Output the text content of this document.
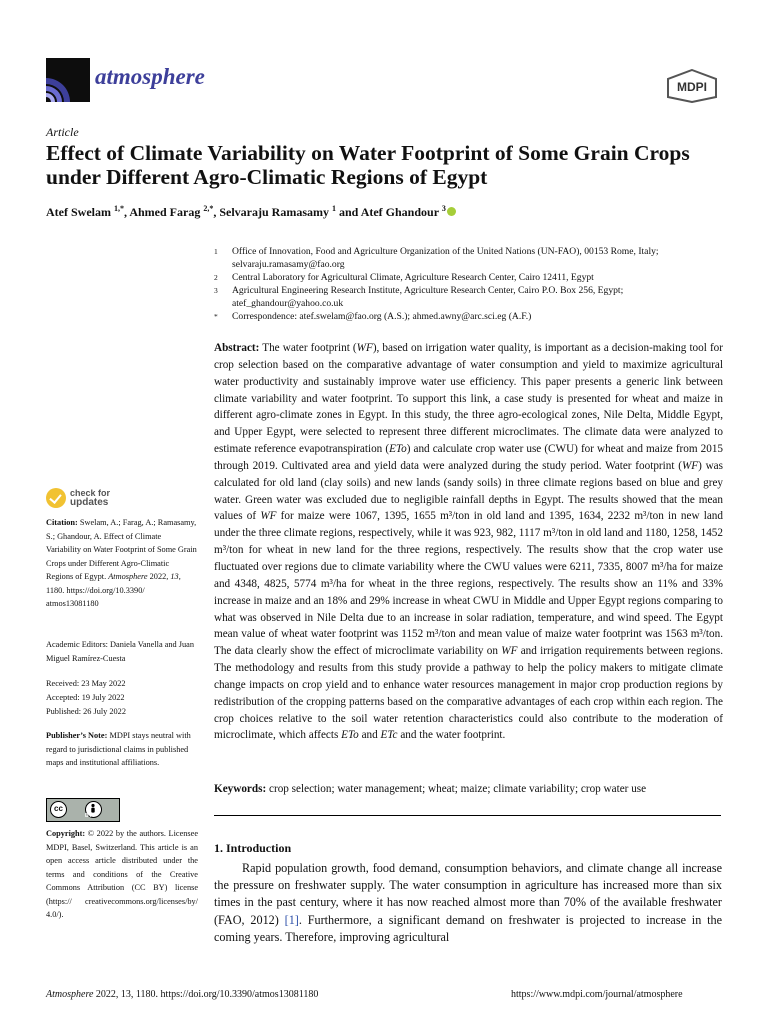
atmosphere	MDPI
Article
Effect of Climate Variability on Water Footprint of Some Grain Crops under Different Agro-Climatic Regions of Egypt
Atef Swelam $^{1,*}$, Ahmed Farag $^{2,*}$, Selvaraju Ramasamy $^1$ and Atef Ghandour $^3$
1 Office of Innovation, Food and Agriculture Organization of the United Nations (UN-FAO), 00153 Rome, Italy; selvaraju.ramasamy@fao.org
2 Central Laboratory for Agricultural Climate, Agriculture Research Center, Cairo 12411, Egypt
3 Agricultural Engineering Research Institute, Agriculture Research Center, Cairo P.O. Box 256, Egypt; atef_ghandour@yahoo.co.uk
* Correspondence: atef.swelam@fao.org (A.S.); ahmed.awny@arc.sci.eg (A.F.)
Abstract: The water footprint (WF), based on irrigation water quality, is important as a decision-making tool for crop selection based on the comparative advantage of water consumption and yield to maximize agricultural water productivity and sustainably improve water use efficiency. This paper presents a generic link between climate variability and water footprint. To support this link, a case study is presented for wheat and maize in different agro-climate zones in Egypt. In this study, the three agro-ecological zones, Nile Delta, Middle Egypt, and Upper Egypt, were selected to represent three different microclimates. The climate data were analyzed to estimate reference evapotranspiration (ETo) and calculate crop water use (CWU) for wheat and maize from 2015 through 2019. Cultivated area and yield data were analyzed during the study period. Water footprint (WF) was calculated for old land (clay soils) and new lands (sandy soils) in three climate regions based on blue and grey water. Green water was excluded due to negligible rainfall depths in Egypt. The results showed that the mean values of WF for maize were 1067, 1395, 1655 m³/ton in old land and 1395, 1634, 2232 m³/ton in new land under the three climate regions, respectively, while it was 923, 982, 1117 m³/ton in old land and 1180, 1258, 1452 m³/ton for wheat in new land for the three regions, respectively. The results show that the crop water use fluctuated over regions due to climate variability where the CWU values were 6211, 7335, 8007 m³/ha for maize and 4348, 4825, 5774 m³/ha for wheat in the three regions, respectively. The results show an 11% and 33% increase in maize and an 18% and 29% increase in wheat CWU in Middle and Upper Egypt regions comparing to what was observed in Nile Delta due to an increase in solar radiation, temperature, and wind speed. The Egypt mean value of wheat water footprint was 1152 m³/ton and mean value of maize water footprint was 1563 m³/ton. The data clearly show the effect of microclimate variability on WF and irrigation requirements between regions. The methodology and results from this study provide a pathway to help the policy makers to mitigate climate change impacts on crop yield and to enhance water resources management in major crop production regions by redistribution of the cropping patterns based on the comparative advantages of each crop within each region. The crop choices relative to the soil water retention characteristics could also contribute to the moderation of microclimate, which affects ETo and ETc and the water footprint.
Keywords: crop selection; water management; wheat; maize; climate variability; crop water use
1. Introduction
Rapid population growth, food demand, consumption behaviors, and climate change all increase the pressure on freshwater supply. The water consumption in agriculture has increased more than six times in the past century, where it has now reached almost more than 70% of the available freshwater (FAO, 2012) [1]. Furthermore, a significant demand on freshwater is projected to increase in the coming years. Therefore, improving agricultural
check for
updates
Citation: Swelam, A.; Farag, A.; Ramasamy, S.; Ghandour, A. Effect of Climate Variability on Water Footprint of Some Grain Crops under Different Agro-Climatic Regions of Egypt. Atmosphere 2022, 13, 1180. https://doi.org/10.3390/ atmos13081180
Academic Editors: Daniela Vanella and Juan Miguel Ramírez-Cuesta
Received: 23 May 2022
Accepted: 19 July 2022
Published: 26 July 2022
Publisher’s Note: MDPI stays neutral with regard to jurisdictional claims in published maps and institutional affiliations.
cc
BY
Copyright: © 2022 by the authors. Licensee MDPI, Basel, Switzerland. This article is an open access article distributed under the terms and conditions of the Creative Commons Attribution (CC BY) license (https:// creativecommons.org/licenses/by/ 4.0/).
Atmosphere 2022, 13, 1180. https://doi.org/10.3390/atmos13081180	https://www.mdpi.com/journal/atmosphere
